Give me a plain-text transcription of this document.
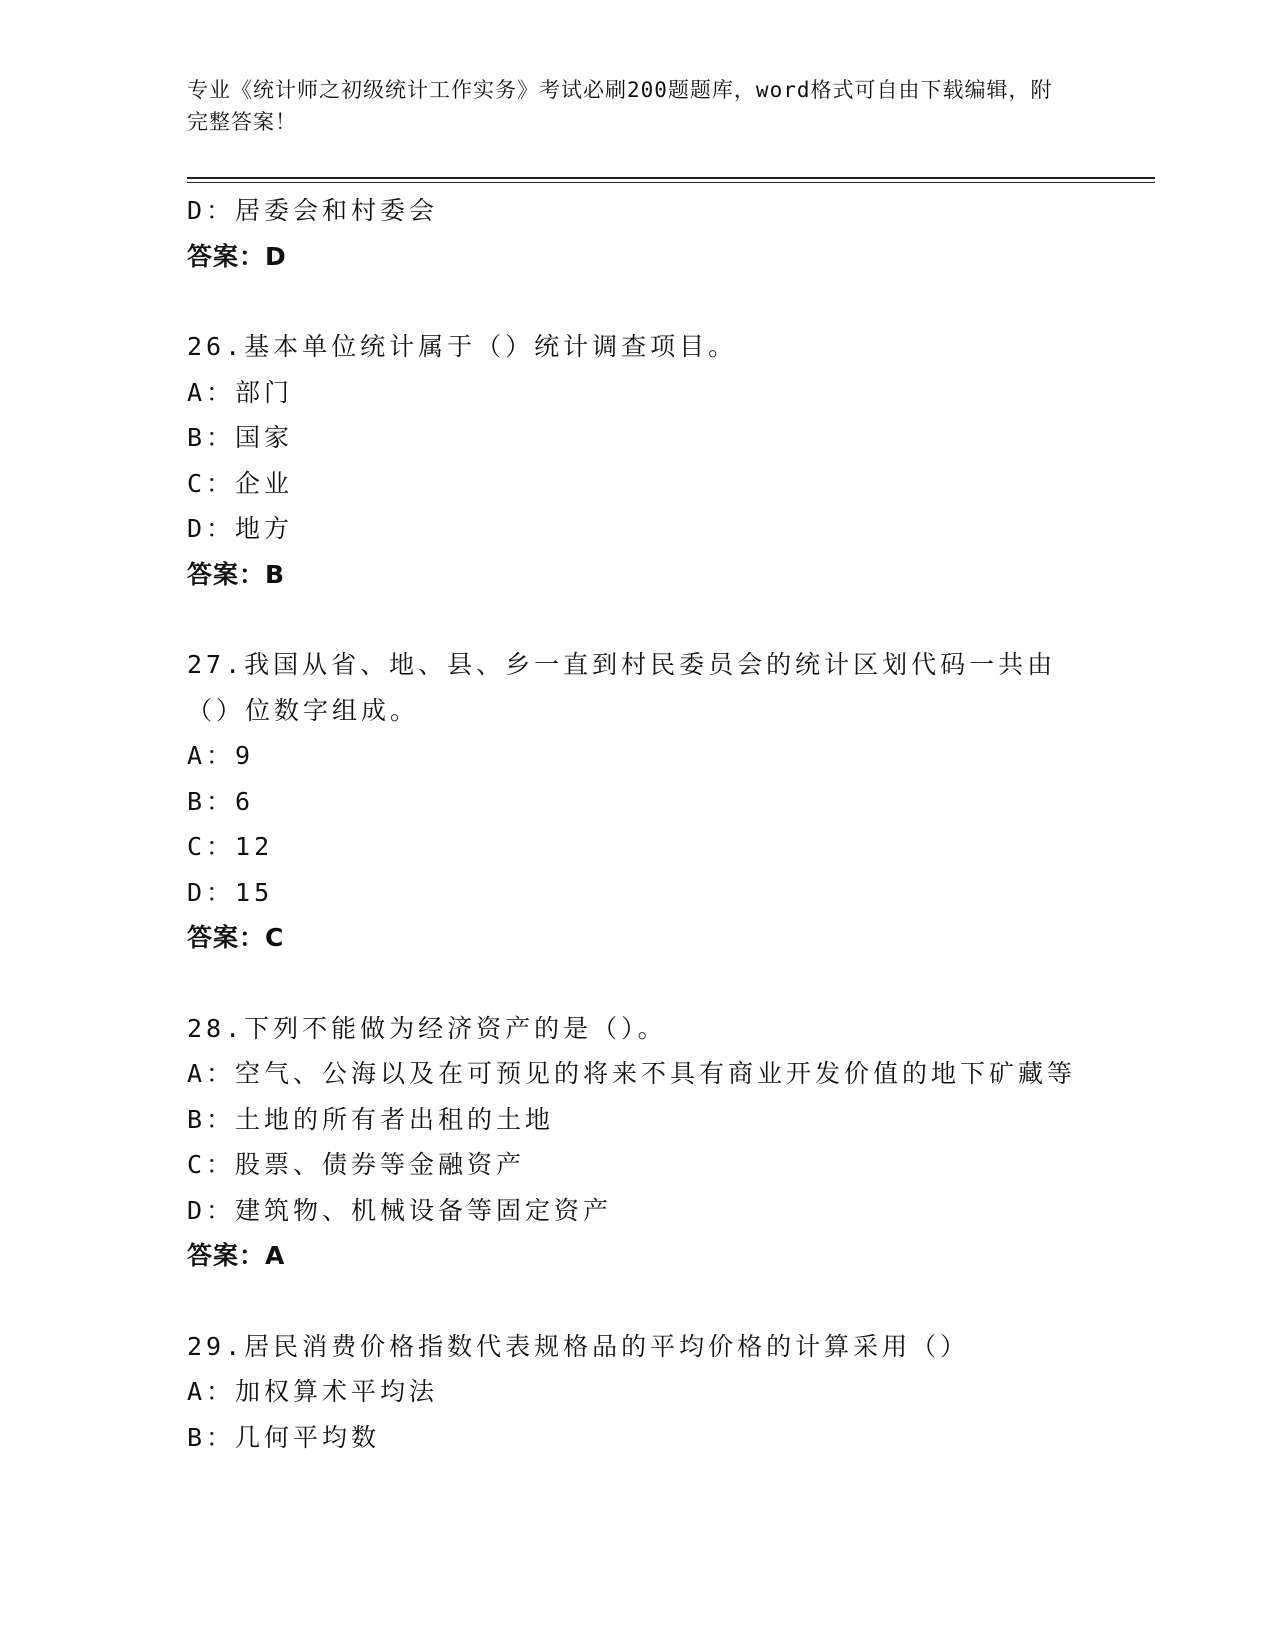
专业《统计师之初级统计工作实务》考试必刷200题题库，word格式可自由下载编辑，附完整答案！
D：居委会和村委会
答案：D
26.基本单位统计属于（）统计调查项目。
A：部门
B：国家
C：企业
D：地方
答案：B
27.我国从省、地、县、乡一直到村民委员会的统计区划代码一共由（）位数字组成。
A：9
B：6
C：12
D：15
答案：C
28.下列不能做为经济资产的是（）。
A：空气、公海以及在可预见的将来不具有商业开发价值的地下矿藏等
B：土地的所有者出租的土地
C：股票、债券等金融资产
D：建筑物、机械设备等固定资产
答案：A
29.居民消费价格指数代表规格品的平均价格的计算采用（）
A：加权算术平均法
B：几何平均数
